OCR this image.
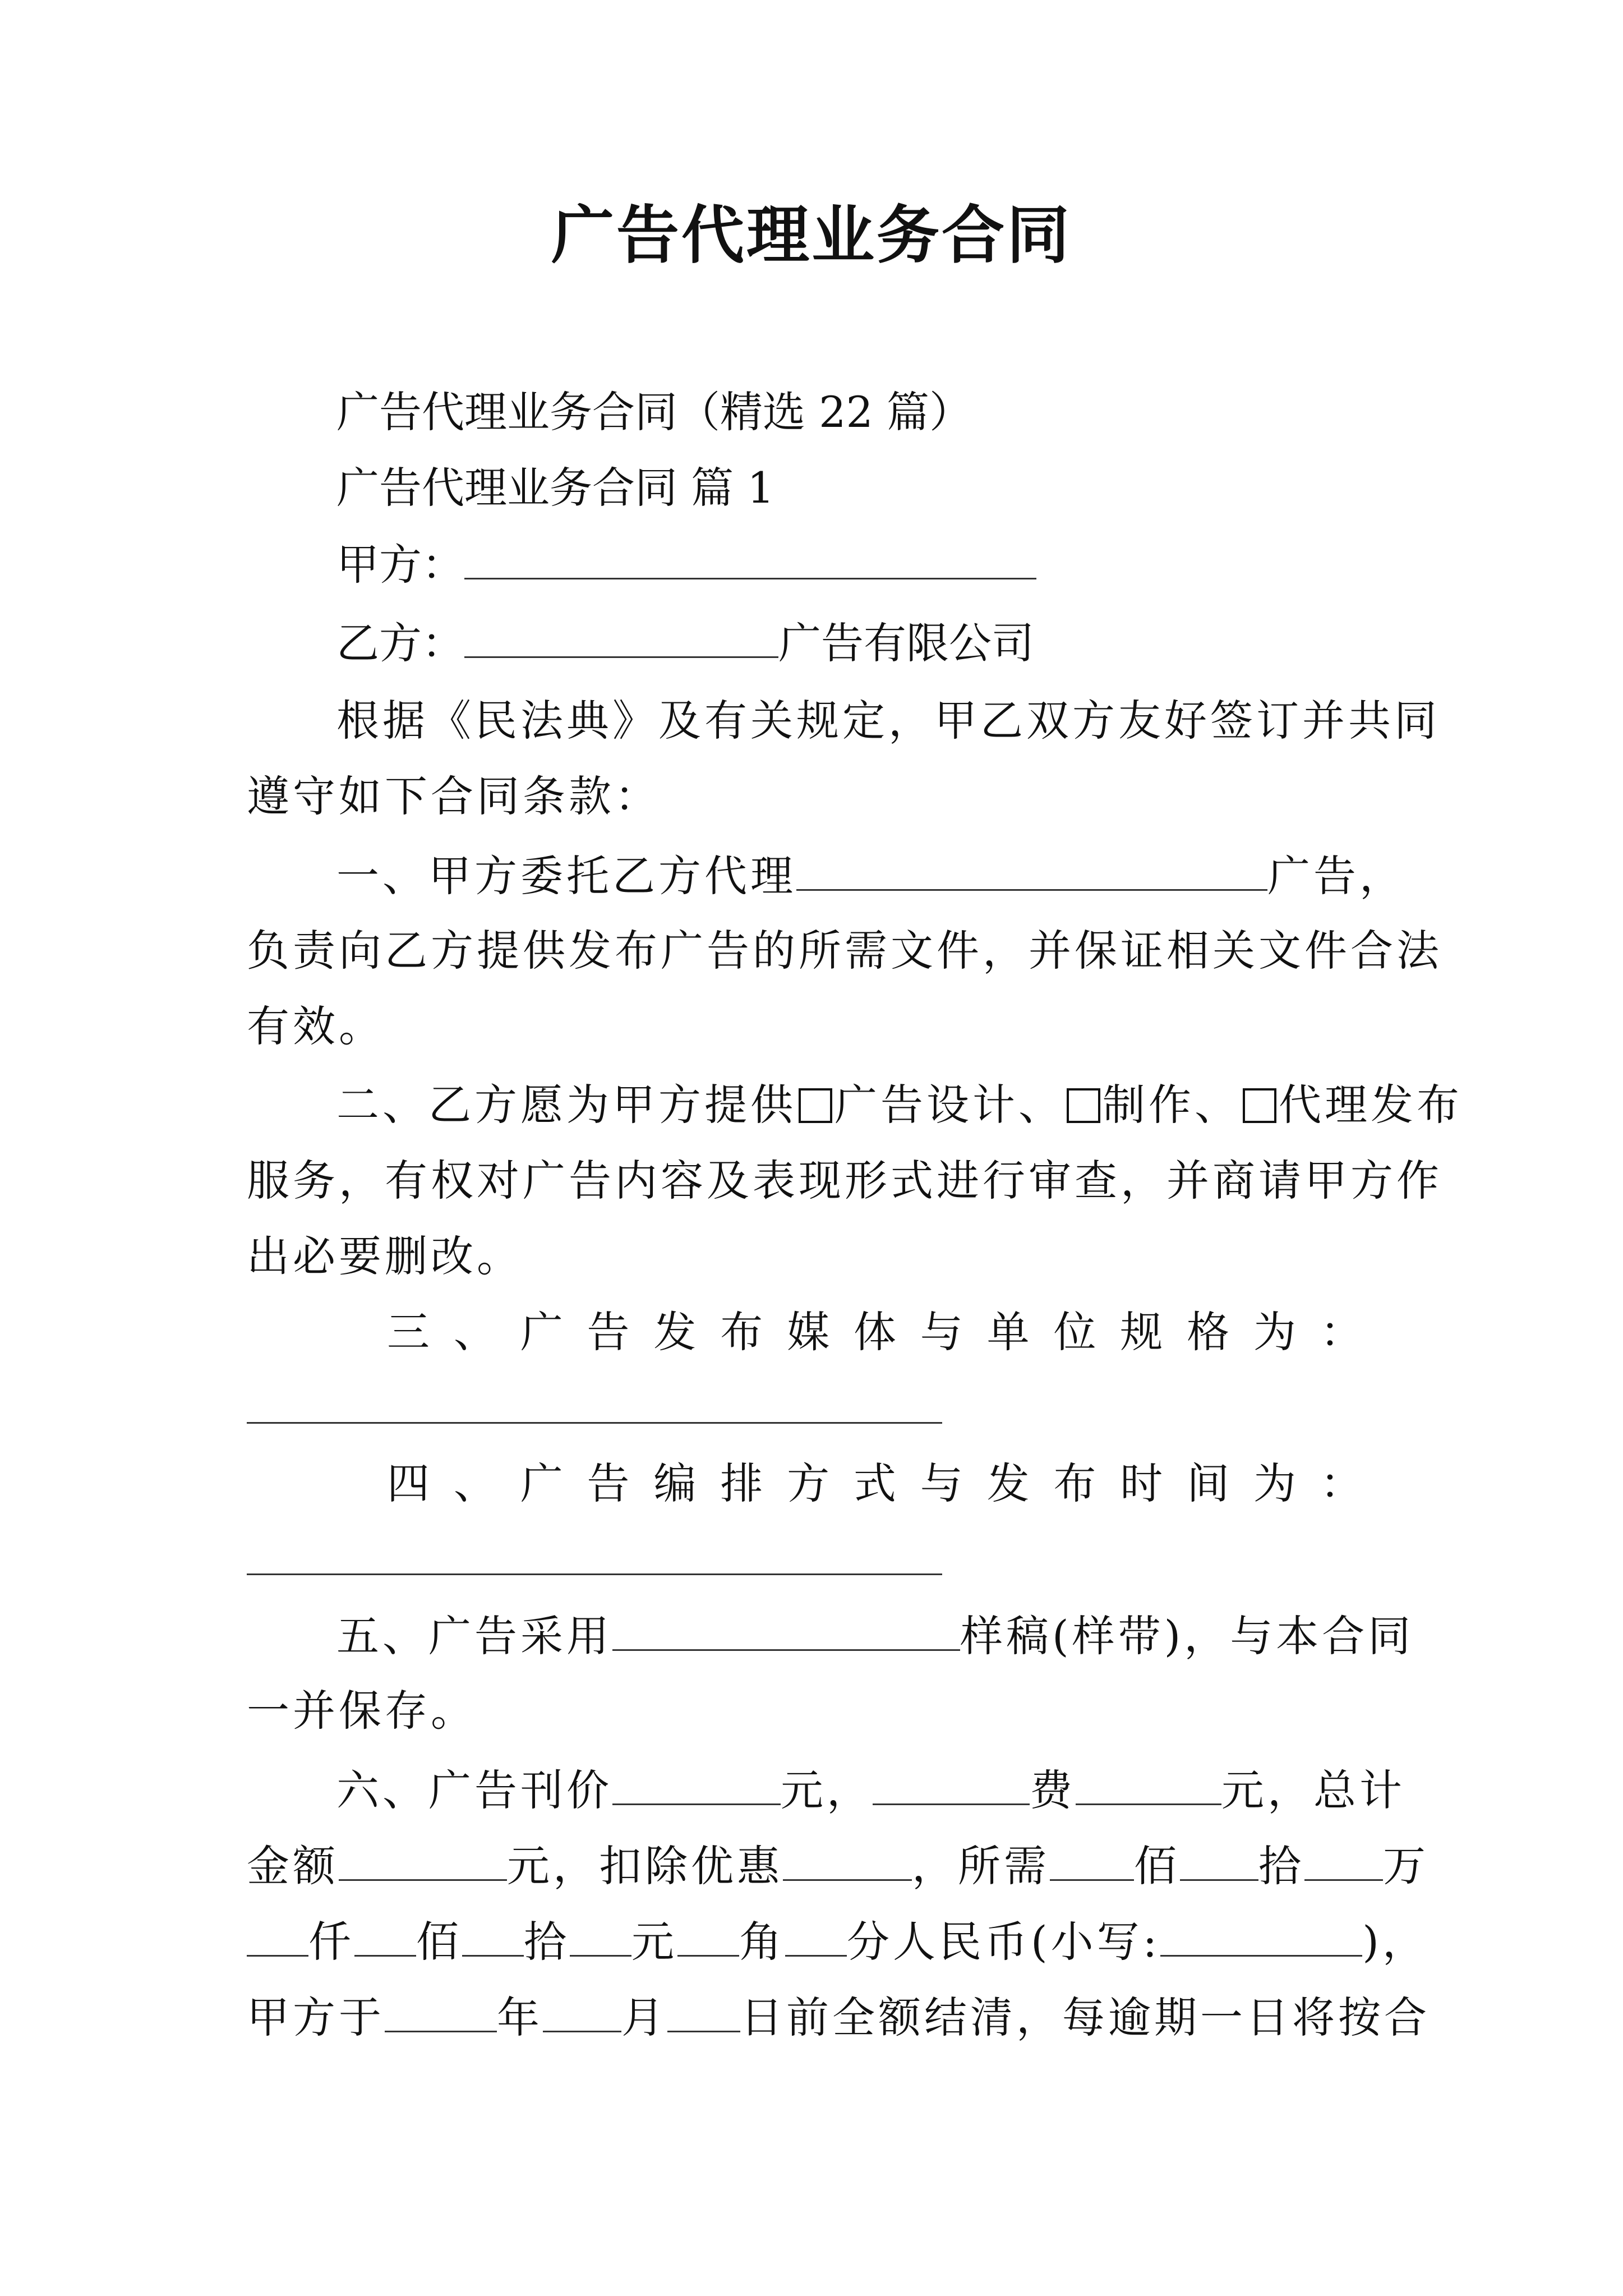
广告代理业务合同
广告代理业务合同（精选 22 篇）
广告代理业务合同 篇 1
甲方：
乙方：	广告有限公司
根据《民法典》及有关规定，甲乙双方友好签订并共同
遵守如下合同条款：
一、甲方委托乙方代理	广告，
负责向乙方提供发布广告的所需文件，并保证相关文件合法
有效。
二、乙方愿为甲方提供 广告设计、 制作、 代理发布
服务，有权对广告内容及表现形式进行审查，并商请甲方作
出必要删改。
三 、 广 告 发 布 媒 体 与 单 位 规 格 为 ：
四 、 广 告 编 排 方 式 与 发 布 时 间 为 ：
五、广告采用	样稿(样带)，与本合同
一并保存。
六、广告刊价	元，	费	元，总计
金额	元，扣除优惠	，所需 佰 拾 万
仟 佰 拾 元 角 分人民币(小写:	)，
甲方于	年 月 日前全额结清，每逾期一日将按合
